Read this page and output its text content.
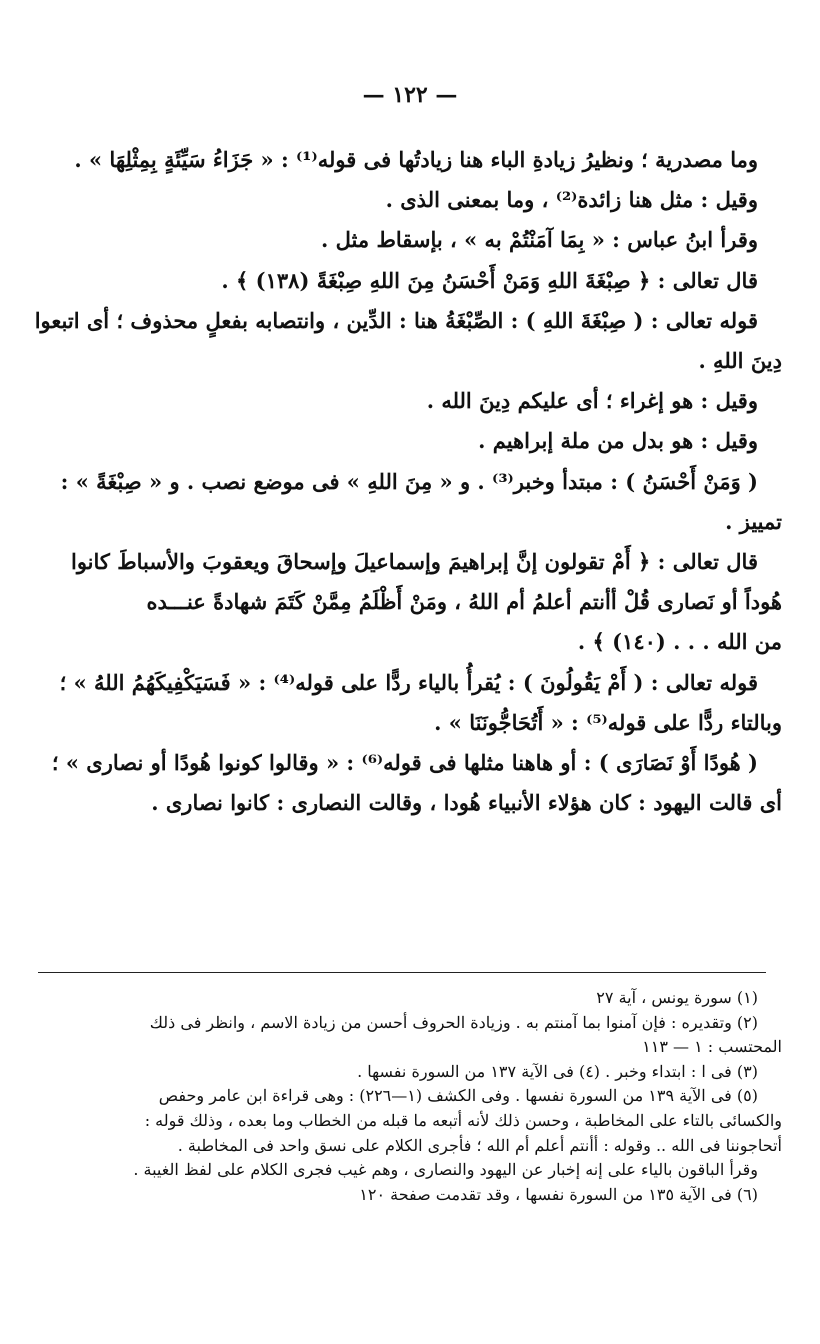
— ١٢٢ —

وما مصدرية ؛ ونظيرُ زيادةِ الباء هنا زيادتُها فى قوله⁽¹⁾ : « جَزَاءُ سَيِّئَةٍ بِمِثْلِهَا » .

وقيل : مثل هنا زائدة⁽²⁾ ، وما بمعنى الذى .

وقرأ ابنُ عباس : « بِمَا آمَنْتُمْ به » ، بإسقاط مثل .

قال تعالى : ﴿ صِبْغَةَ اللهِ وَمَنْ أَحْسَنُ مِنَ اللهِ صِبْغَةً (١٣٨) ﴾ .

قوله تعالى : ( صِبْغَةَ اللهِ ) : الصِّبْغَةُ هنا : الدِّين ، وانتصابه بفعلٍ محذوف ؛ أى اتبعوا

دِينَ اللهِ .

وقيل : هو إغراء ؛ أى عليكم دِينَ الله .

وقيل : هو بدل من ملة إبراهيم .

( وَمَنْ أَحْسَنُ ) : مبتدأ وخبر⁽³⁾ . و « مِنَ اللهِ » فى موضع نصب . و « صِبْغَةً » :

تمييز .

قال تعالى : ﴿ أَمْ تقولون إنَّ إبراهيمَ وإسماعيلَ وإسحاقَ ويعقوبَ والأسباطَ كانوا

هُوداً أو نَصارى قُلْ أأنتم أعلمُ أم اللهُ ، ومَنْ أَظْلَمُ مِمَّنْ كَتَمَ شهادةً عنـــده

من الله . . . (١٤٠) ﴾ .

قوله تعالى : ( أَمْ يَقُولُونَ ) : يُقرأُ بالياء ردًّا على قوله⁽⁴⁾ : « فَسَيَكْفِيكَهُمُ اللهُ » ؛

وبالتاء ردًّا على قوله⁽⁵⁾ : « أَتُحَاجُّونَنَا » .

( هُودًا أَوْ نَصَارَى ) : أو هاهنا مثلها فى قوله⁽⁶⁾ : « وقالوا كونوا هُودًا أو نصارى » ؛

أى قالت اليهود : كان هؤلاء الأنبياء هُودا ، وقالت النصارى : كانوا نصارى .

(١) سورة يونس ، آية ٢٧

(٢) وتقديره : فإن آمنوا بما آمنتم به . وزيادة الحروف أحسن من زيادة الاسم ، وانظر فى ذلك

المحتسب : ١ — ١١٣

(٣) فى ا : ابتداء وخبر . (٤) فى الآية ١٣٧ من السورة نفسها .

(٥) فى الآية ١٣٩ من السورة نفسها . وفى الكشف (١—٢٢٦) : وهى قراءة ابن عامر وحفص

والكسائى بالتاء على المخاطبة ، وحسن ذلك لأنه أتبعه ما قبله من الخطاب وما بعده ، وذلك قوله :

أتحاجوننا فى الله .. وقوله : أأنتم أعلم أم الله ؛ فأجرى الكلام على نسق واحد فى المخاطبة .

وقرأ الباقون بالياء على إنه إخبار عن اليهود والنصارى ، وهم غيب فجرى الكلام على لفظ الغيبة .

(٦) فى الآية ١٣٥ من السورة نفسها ، وقد تقدمت صفحة ١٢٠
